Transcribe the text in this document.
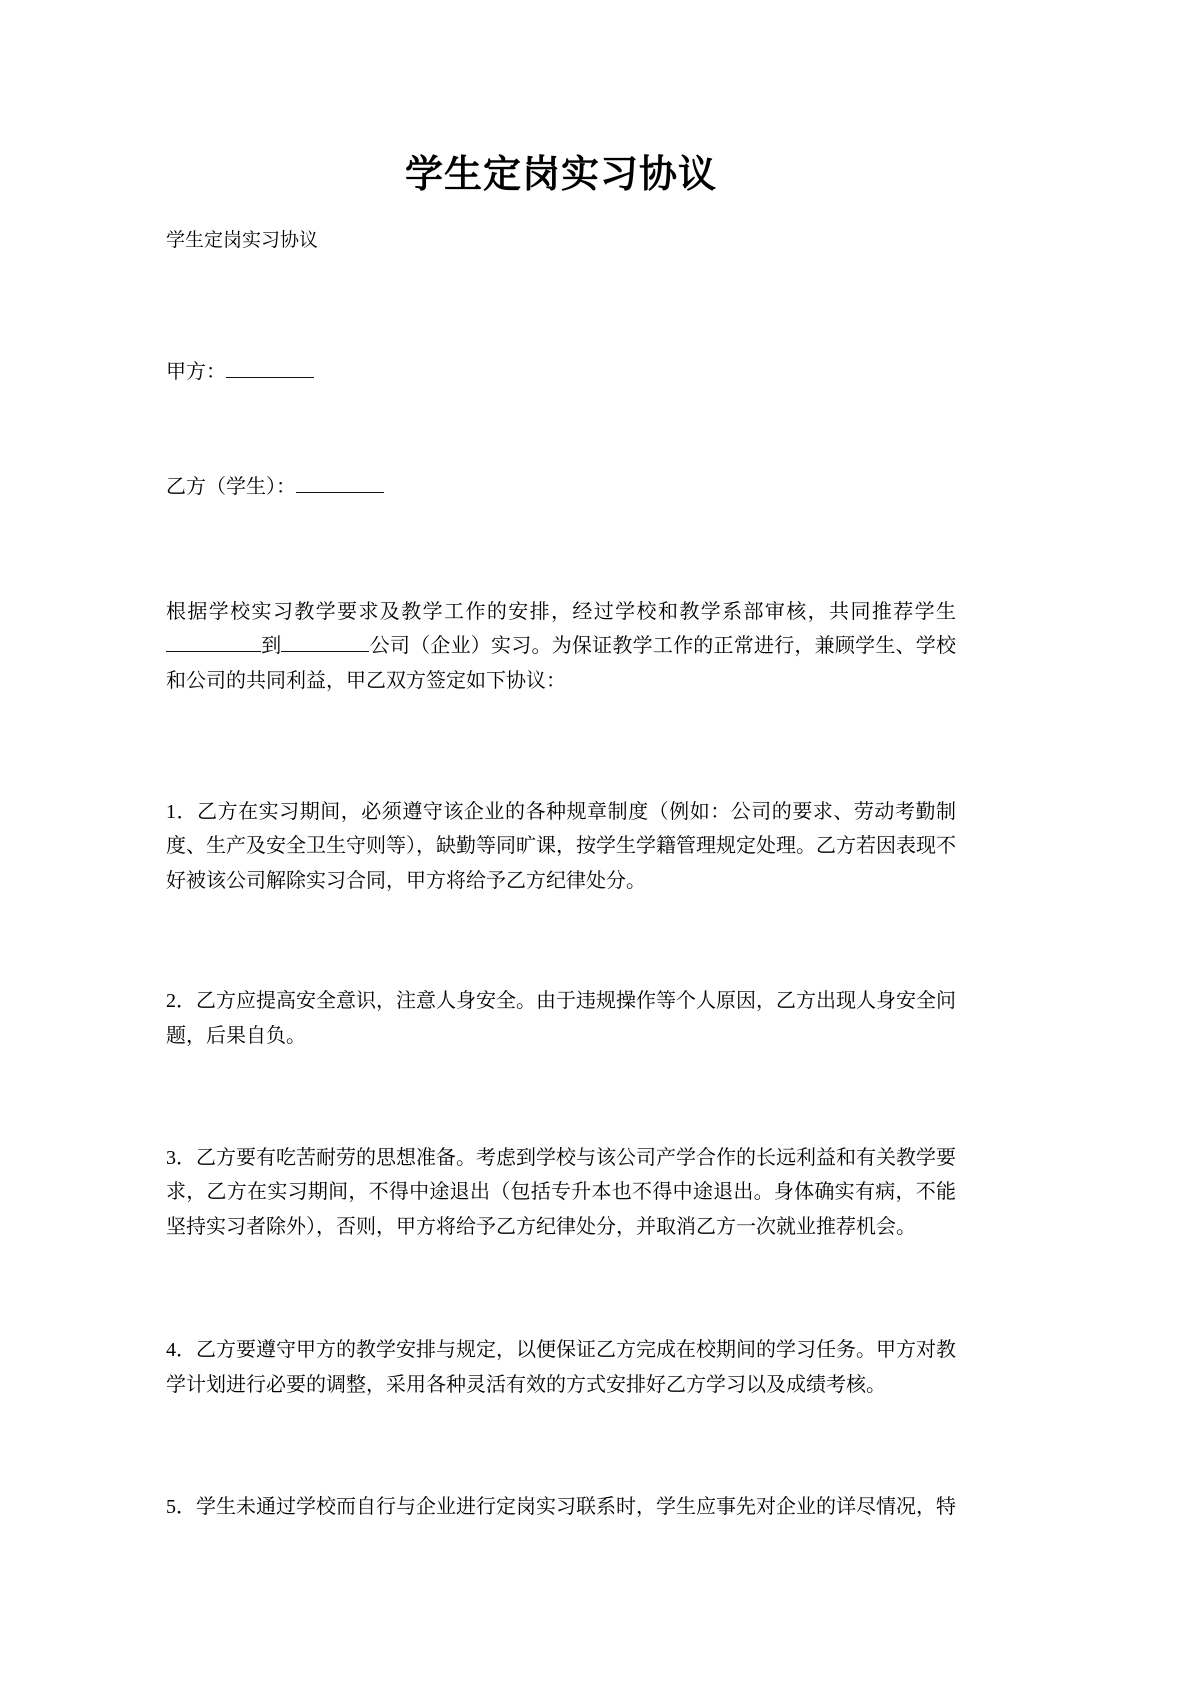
学生定岗实习协议

学生定岗实习协议

甲方：

乙方（学生）：

根据学校实习教学要求及教学工作的安排，经过学校和教学系部审核，共同推荐学生到	公司（企业）实习。为保证教学工作的正常进行，兼顾学生、学校和公司的共同利益，甲乙双方签定如下协议：

1．乙方在实习期间，必须遵守该企业的各种规章制度（例如：公司的要求、劳动考勤制度、生产及安全卫生守则等），缺勤等同旷课，按学生学籍管理规定处理。乙方若因表现不好被该公司解除实习合同，甲方将给予乙方纪律处分。

2．乙方应提高安全意识，注意人身安全。由于违规操作等个人原因，乙方出现人身安全问题，后果自负。

3．乙方要有吃苦耐劳的思想准备。考虑到学校与该公司产学合作的长远利益和有关教学要求，乙方在实习期间，不得中途退出（包括专升本也不得中途退出。身体确实有病，不能坚持实习者除外），否则，甲方将给予乙方纪律处分，并取消乙方一次就业推荐机会。

4．乙方要遵守甲方的教学安排与规定，以便保证乙方完成在校期间的学习任务。甲方对教学计划进行必要的调整，采用各种灵活有效的方式安排好乙方学习以及成绩考核。

5．学生未通过学校而自行与企业进行定岗实习联系时，学生应事先对企业的详尽情况，特
